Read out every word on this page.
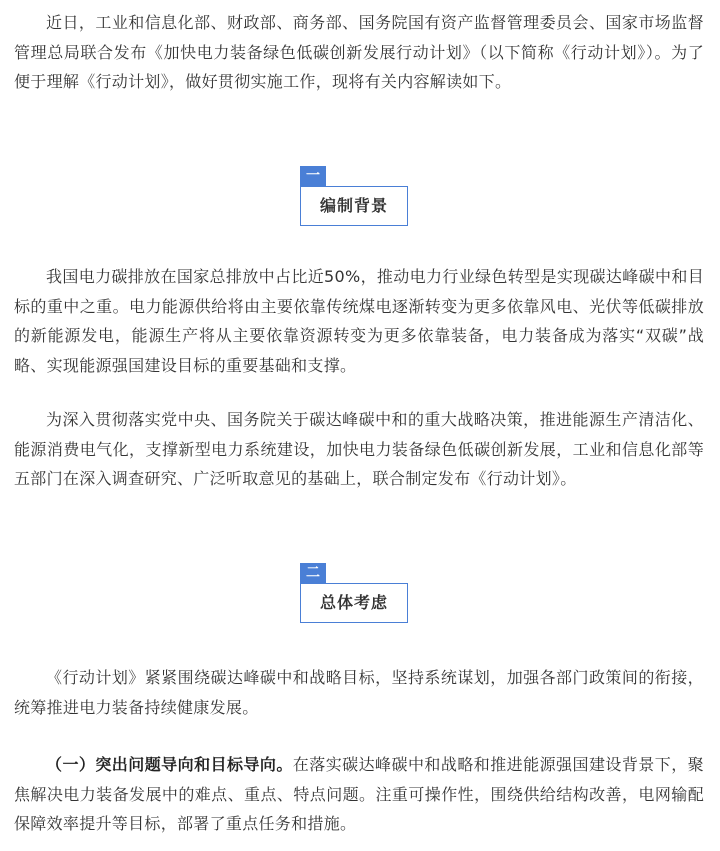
近日，工业和信息化部、财政部、商务部、国务院国有资产监督管理委员会、国家市场监督管理总局联合发布《加快电力装备绿色低碳创新发展行动计划》（以下简称《行动计划》）。为了便于理解《行动计划》，做好贯彻实施工作，现将有关内容解读如下。

一
编制背景

我国电力碳排放在国家总排放中占比近50%，推动电力行业绿色转型是实现碳达峰碳中和目标的重中之重。电力能源供给将由主要依靠传统煤电逐渐转变为更多依靠风电、光伏等低碳排放的新能源发电，能源生产将从主要依靠资源转变为更多依靠装备，电力装备成为落实“双碳”战略、实现能源强国建设目标的重要基础和支撑。

为深入贯彻落实党中央、国务院关于碳达峰碳中和的重大战略决策，推进能源生产清洁化、能源消费电气化，支撑新型电力系统建设，加快电力装备绿色低碳创新发展，工业和信息化部等五部门在深入调查研究、广泛听取意见的基础上，联合制定发布《行动计划》。

二
总体考虑

《行动计划》紧紧围绕碳达峰碳中和战略目标，坚持系统谋划，加强各部门政策间的衔接，统筹推进电力装备持续健康发展。

（一）突出问题导向和目标导向。在落实碳达峰碳中和战略和推进能源强国建设背景下，聚焦解决电力装备发展中的难点、重点、特点问题。注重可操作性，围绕供给结构改善，电网输配保障效率提升等目标，部署了重点任务和措施。
